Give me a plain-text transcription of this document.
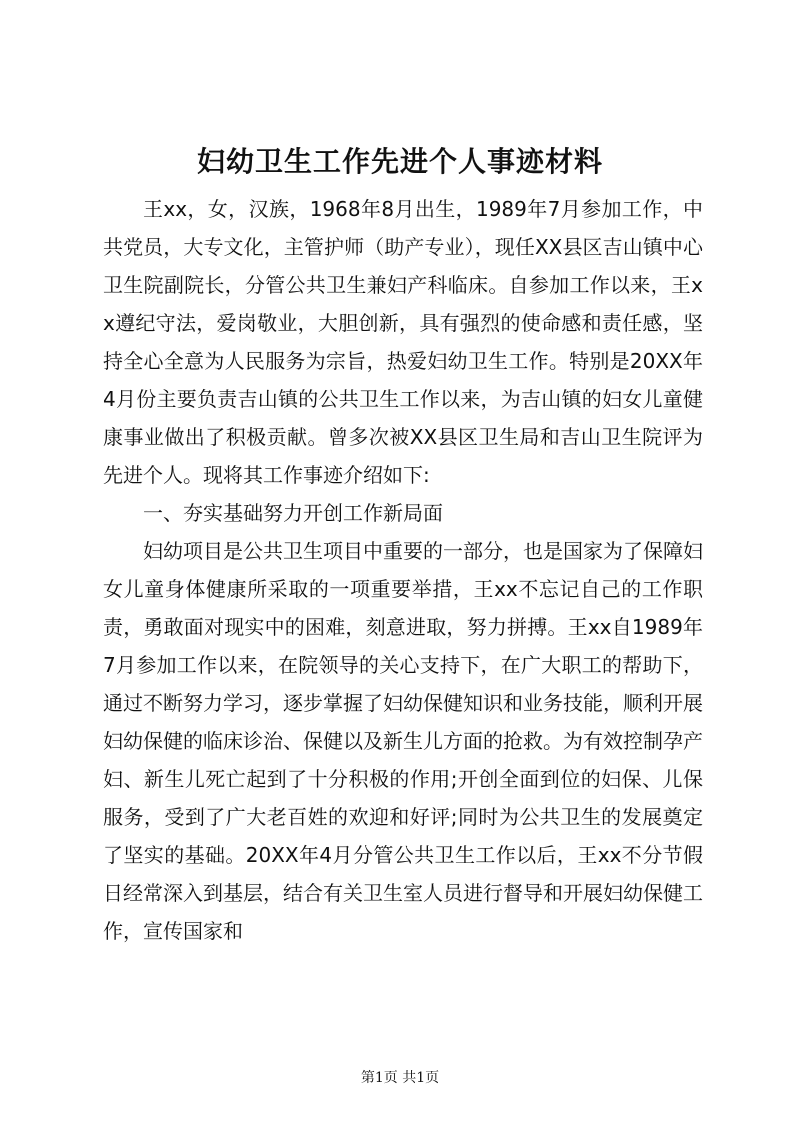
妇幼卫生工作先进个人事迹材料

王xx，女，汉族，1968年8月出生，1989年7月参加工作，中共党员，大专文化，主管护师（助产专业），现任XX县区吉山镇中心卫生院副院长，分管公共卫生兼妇产科临床。自参加工作以来，王xx遵纪守法，爱岗敬业，大胆创新，具有强烈的使命感和责任感，坚持全心全意为人民服务为宗旨，热爱妇幼卫生工作。特别是20XX年4月份主要负责吉山镇的公共卫生工作以来，为吉山镇的妇女儿童健康事业做出了积极贡献。曾多次被XX县区卫生局和吉山卫生院评为先进个人。现将其工作事迹介绍如下:

一、夯实基础努力开创工作新局面

妇幼项目是公共卫生项目中重要的一部分，也是国家为了保障妇女儿童身体健康所采取的一项重要举措，王xx不忘记自己的工作职责，勇敢面对现实中的困难，刻意进取，努力拼搏。王xx自1989年7月参加工作以来，在院领导的关心支持下，在广大职工的帮助下，通过不断努力学习，逐步掌握了妇幼保健知识和业务技能，顺利开展妇幼保健的临床诊治、保健以及新生儿方面的抢救。为有效控制孕产妇、新生儿死亡起到了十分积极的作用;开创全面到位的妇保、儿保服务，受到了广大老百姓的欢迎和好评;同时为公共卫生的发展奠定了坚实的基础。20XX年4月分管公共卫生工作以后，王xx不分节假日经常深入到基层，结合有关卫生室人员进行督导和开展妇幼保健工作，宣传国家和

第1页 共1页
